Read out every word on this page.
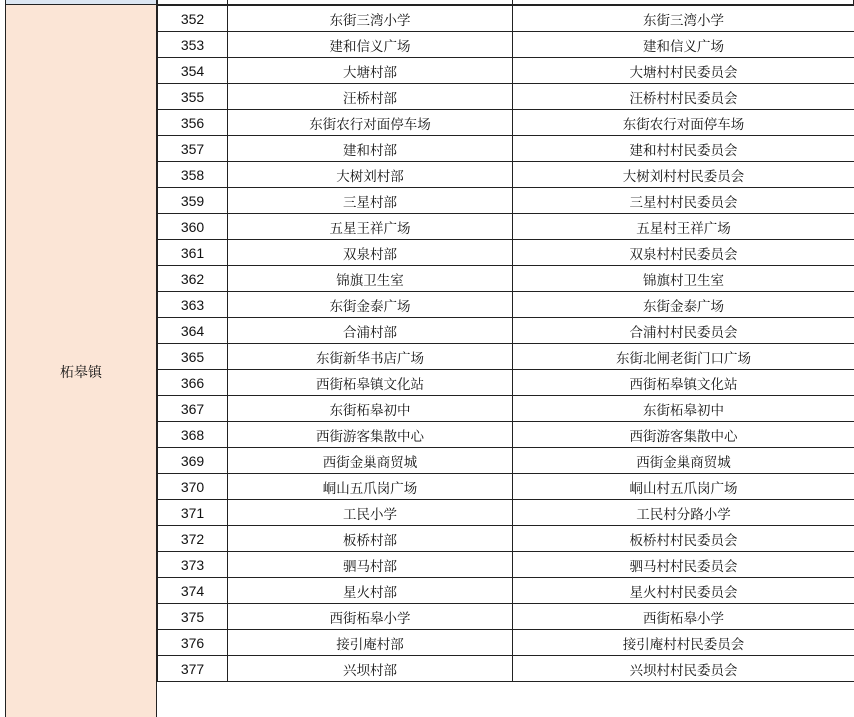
柘皋镇
352	东街三湾小学	东街三湾小学
353	建和信义广场	建和信义广场
354	大塘村部	大塘村村民委员会
355	汪桥村部	汪桥村村民委员会
356	东街农行对面停车场	东街农行对面停车场
357	建和村部	建和村村民委员会
358	大树刘村部	大树刘村村民委员会
359	三星村部	三星村村民委员会
360	五星王祥广场	五星村王祥广场
361	双泉村部	双泉村村民委员会
362	锦旗卫生室	锦旗村卫生室
363	东街金泰广场	东街金泰广场
364	合浦村部	合浦村村民委员会
365	东街新华书店广场	东街北闸老街门口广场
366	西街柘皋镇文化站	西街柘皋镇文化站
367	东街柘皋初中	东街柘皋初中
368	西街游客集散中心	西街游客集散中心
369	西街金巢商贸城	西街金巢商贸城
370	峒山五爪岗广场	峒山村五爪岗广场
371	工民小学	工民村分路小学
372	板桥村部	板桥村村民委员会
373	驷马村部	驷马村村民委员会
374	星火村部	星火村村民委员会
375	西街柘皋小学	西街柘皋小学
376	接引庵村部	接引庵村村民委员会
377	兴坝村部	兴坝村村民委员会
